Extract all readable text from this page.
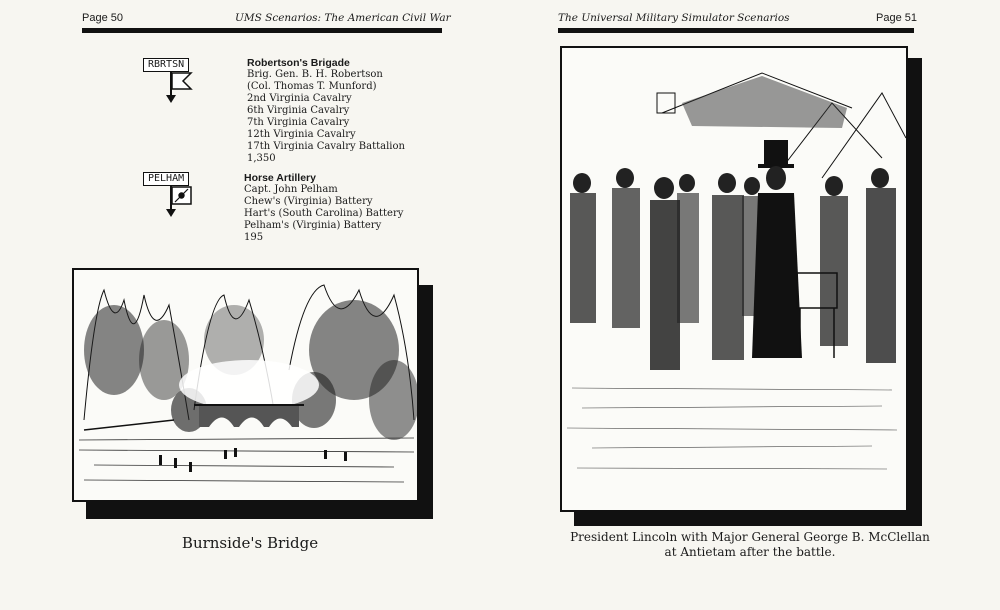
Page 50	UMS Scenarios: The American Civil War
RBRTSN	Robertson's Brigade
Brig. Gen. B. H. Robertson
(Col. Thomas T. Munford)
2nd Virginia Cavalry
6th Virginia Cavalry
7th Virginia Cavalry
12th Virginia Cavalry
17th Virginia Cavalry Battalion
1,350
PELHAM	Horse Artillery
Capt. John Pelham
Chew's (Virginia) Battery
Hart's (South Carolina) Battery
Pelham's (Virginia) Battery
195
Burnside's Bridge
The Universal Military Simulator Scenarios	Page 51
President Lincoln with Major General George B. McClellan
at Antietam after the battle.
